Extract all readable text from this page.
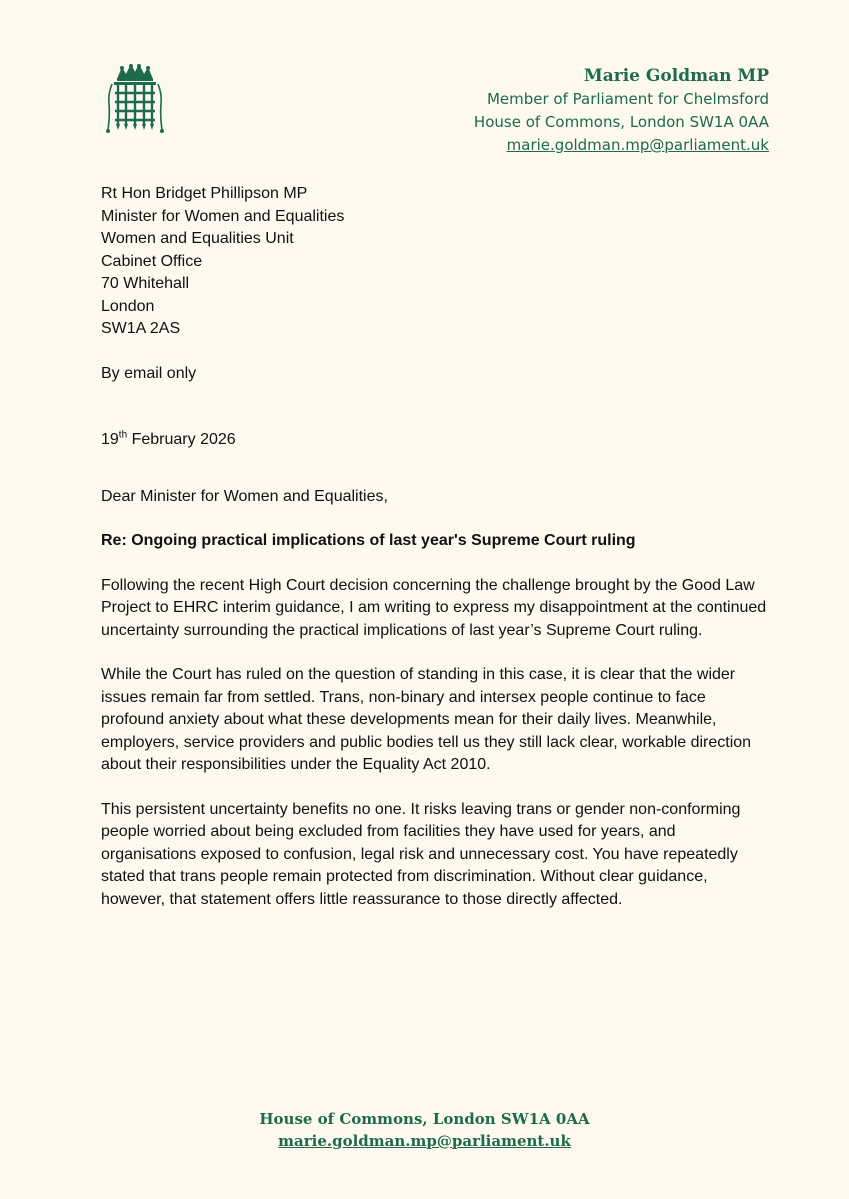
Marie Goldman MP
Member of Parliament for Chelmsford
House of Commons, London SW1A 0AA
marie.goldman.mp@parliament.uk
Rt Hon Bridget Phillipson MP
Minister for Women and Equalities
Women and Equalities Unit
Cabinet Office
70 Whitehall
London
SW1A 2AS
By email only
19th February 2026
Dear Minister for Women and Equalities,
Re: Ongoing practical implications of last year's Supreme Court ruling
Following the recent High Court decision concerning the challenge brought by the Good Law Project to EHRC interim guidance, I am writing to express my disappointment at the continued uncertainty surrounding the practical implications of last year’s Supreme Court ruling.
While the Court has ruled on the question of standing in this case, it is clear that the wider issues remain far from settled. Trans, non-binary and intersex people continue to face profound anxiety about what these developments mean for their daily lives. Meanwhile, employers, service providers and public bodies tell us they still lack clear, workable direction about their responsibilities under the Equality Act 2010.
This persistent uncertainty benefits no one. It risks leaving trans or gender non-conforming people worried about being excluded from facilities they have used for years, and organisations exposed to confusion, legal risk and unnecessary cost. You have repeatedly stated that trans people remain protected from discrimination. Without clear guidance, however, that statement offers little reassurance to those directly affected.
House of Commons, London SW1A 0AA
marie.goldman.mp@parliament.uk
